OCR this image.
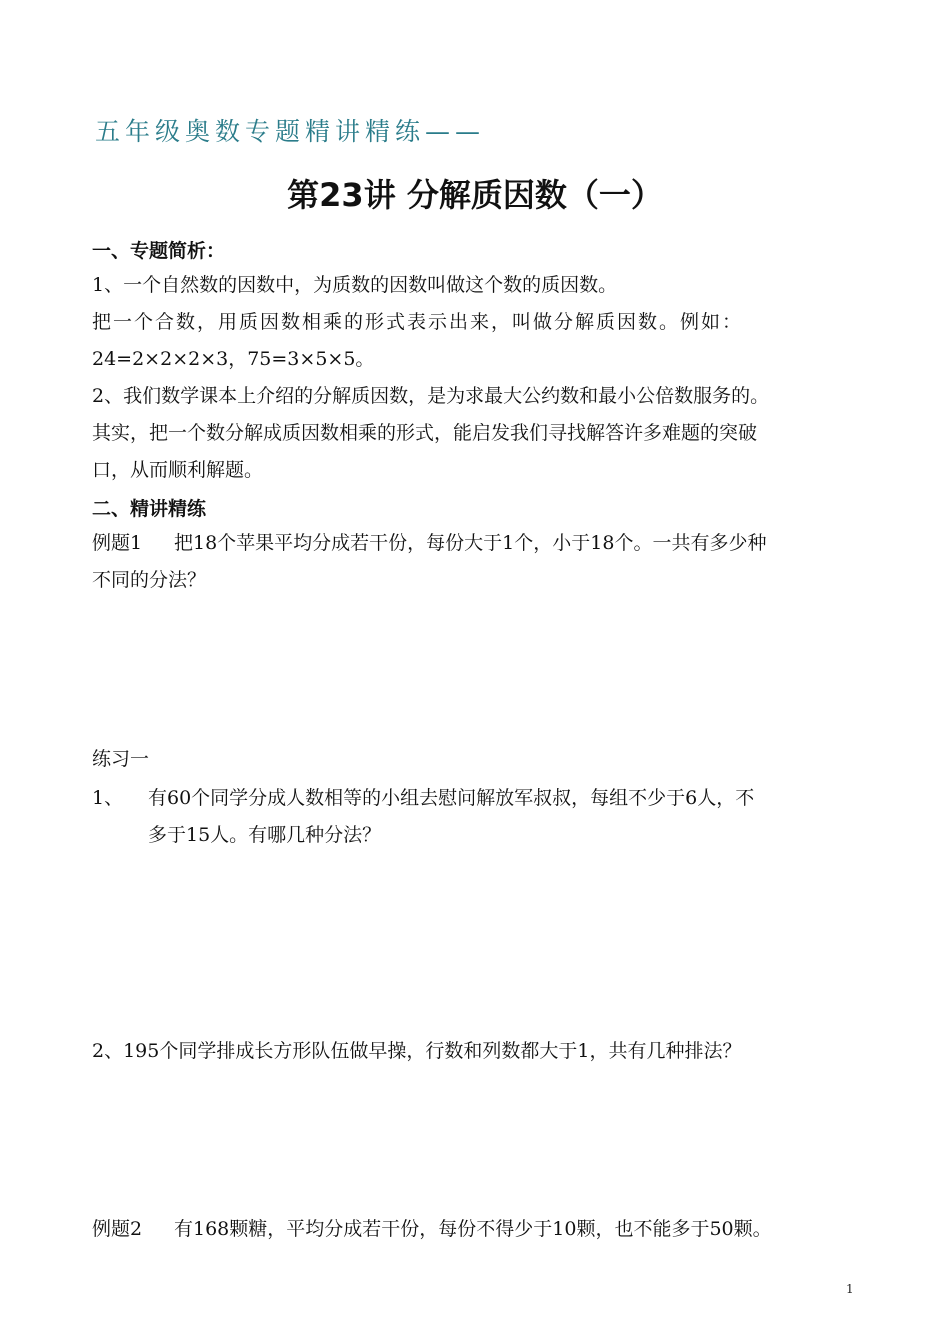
五年级奥数专题精讲精练——
第23讲 分解质因数（一）
一、专题简析：
1、一个自然数的因数中，为质数的因数叫做这个数的质因数。
把一个合数，用质因数相乘的形式表示出来，叫做分解质因数。例如：
24=2×2×2×3，75=3×5×5。
2、我们数学课本上介绍的分解质因数，是为求最大公约数和最小公倍数服务的。
其实，把一个数分解成质因数相乘的形式，能启发我们寻找解答许多难题的突破
口，从而顺利解题。
二、精讲精练
例题1 把18个苹果平均分成若干份，每份大于1个，小于18个。一共有多少种
不同的分法？
练习一
1、 有60个同学分成人数相等的小组去慰问解放军叔叔，每组不少于6人，不
多于15人。有哪几种分法？
2、195个同学排成长方形队伍做早操，行数和列数都大于1，共有几种排法？
例题2 有168颗糖，平均分成若干份，每份不得少于10颗，也不能多于50颗。
1
